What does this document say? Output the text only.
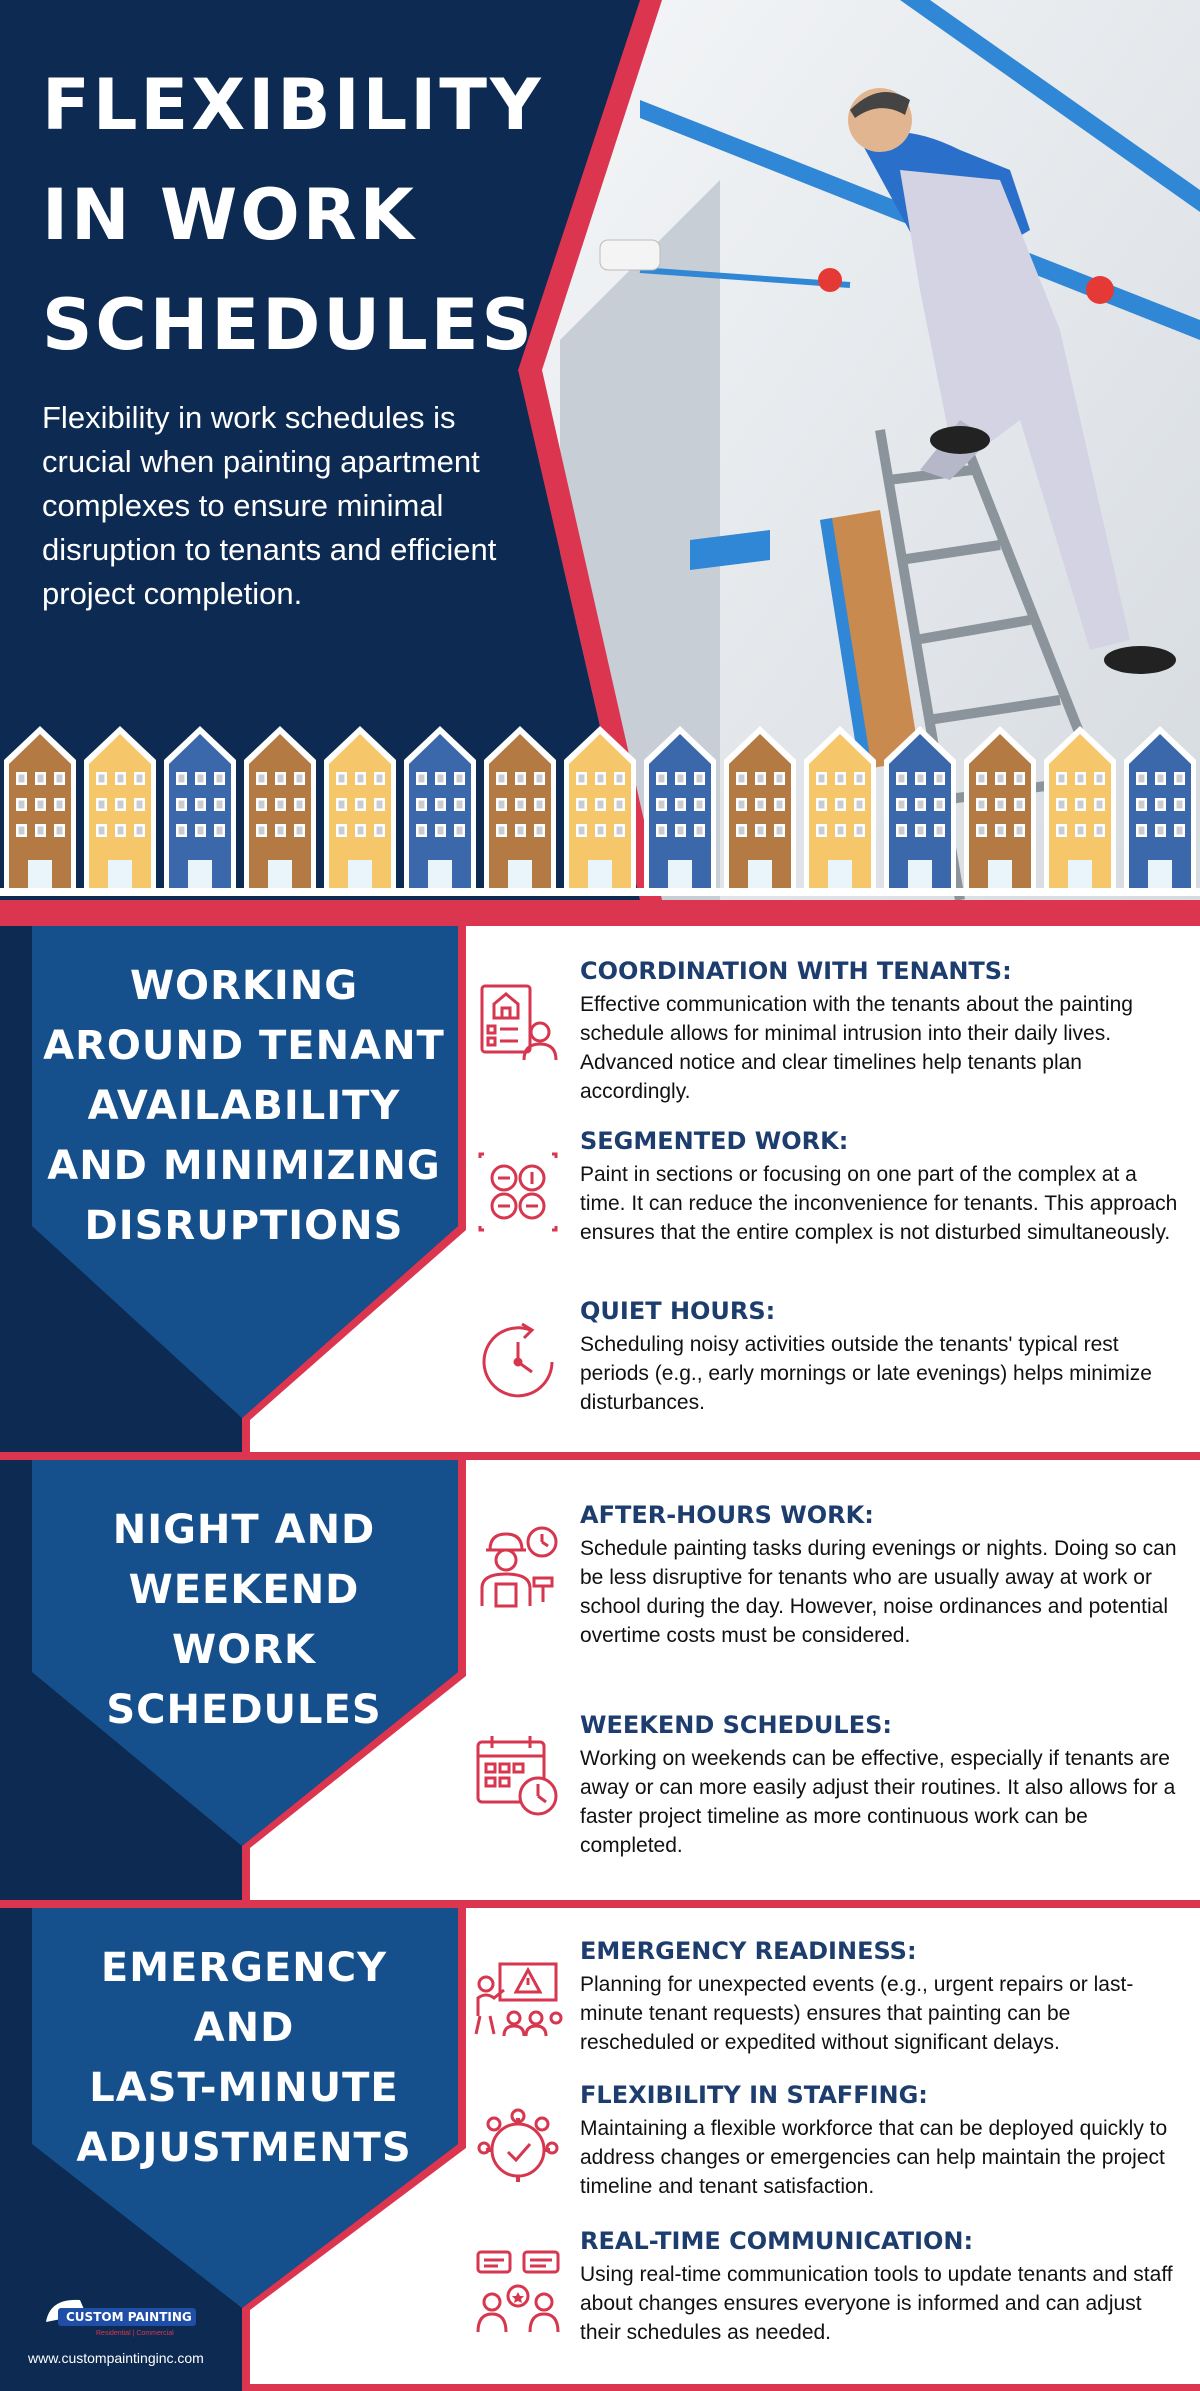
FLEXIBILITY
IN WORK
SCHEDULES
Flexibility in work schedules is crucial when painting apartment complexes to ensure minimal disruption to tenants and efficient project completion.
WORKING
AROUND TENANT
AVAILABILITY
AND MINIMIZING
DISRUPTIONS
COORDINATION WITH TENANTS:
Effective communication with the tenants about the painting schedule allows for minimal intrusion into their daily lives. Advanced notice and clear timelines help tenants plan accordingly.
SEGMENTED WORK:
Paint in sections or focusing on one part of the complex at a time. It can reduce the inconvenience for tenants. This approach ensures that the entire complex is not disturbed simultaneously.
QUIET HOURS:
Scheduling noisy activities outside the tenants' typical rest periods (e.g., early mornings or late evenings) helps minimize disturbances.
NIGHT AND
WEEKEND
WORK
SCHEDULES
AFTER-HOURS WORK:
Schedule painting tasks during evenings or nights. Doing so can be less disruptive for tenants who are usually away at work or school during the day. However, noise ordinances and potential overtime costs must be considered.
WEEKEND SCHEDULES:
Working on weekends can be effective, especially if tenants are away or can more easily adjust their routines. It also allows for a faster project timeline as more continuous work can be completed.
EMERGENCY
AND
LAST-MINUTE
ADJUSTMENTS
EMERGENCY READINESS:
Planning for unexpected events (e.g., urgent repairs or last-minute tenant requests) ensures that painting can be rescheduled or expedited without significant delays.
FLEXIBILITY IN STAFFING:
Maintaining a flexible workforce that can be deployed quickly to address changes or emergencies can help maintain the project timeline and tenant satisfaction.
REAL-TIME COMMUNICATION:
Using real-time communication tools to update tenants and staff about changes ensures everyone is informed and can adjust their schedules as needed.
CUSTOM PAINTING
Residential | Commercial
www.custompaintinginc.com
